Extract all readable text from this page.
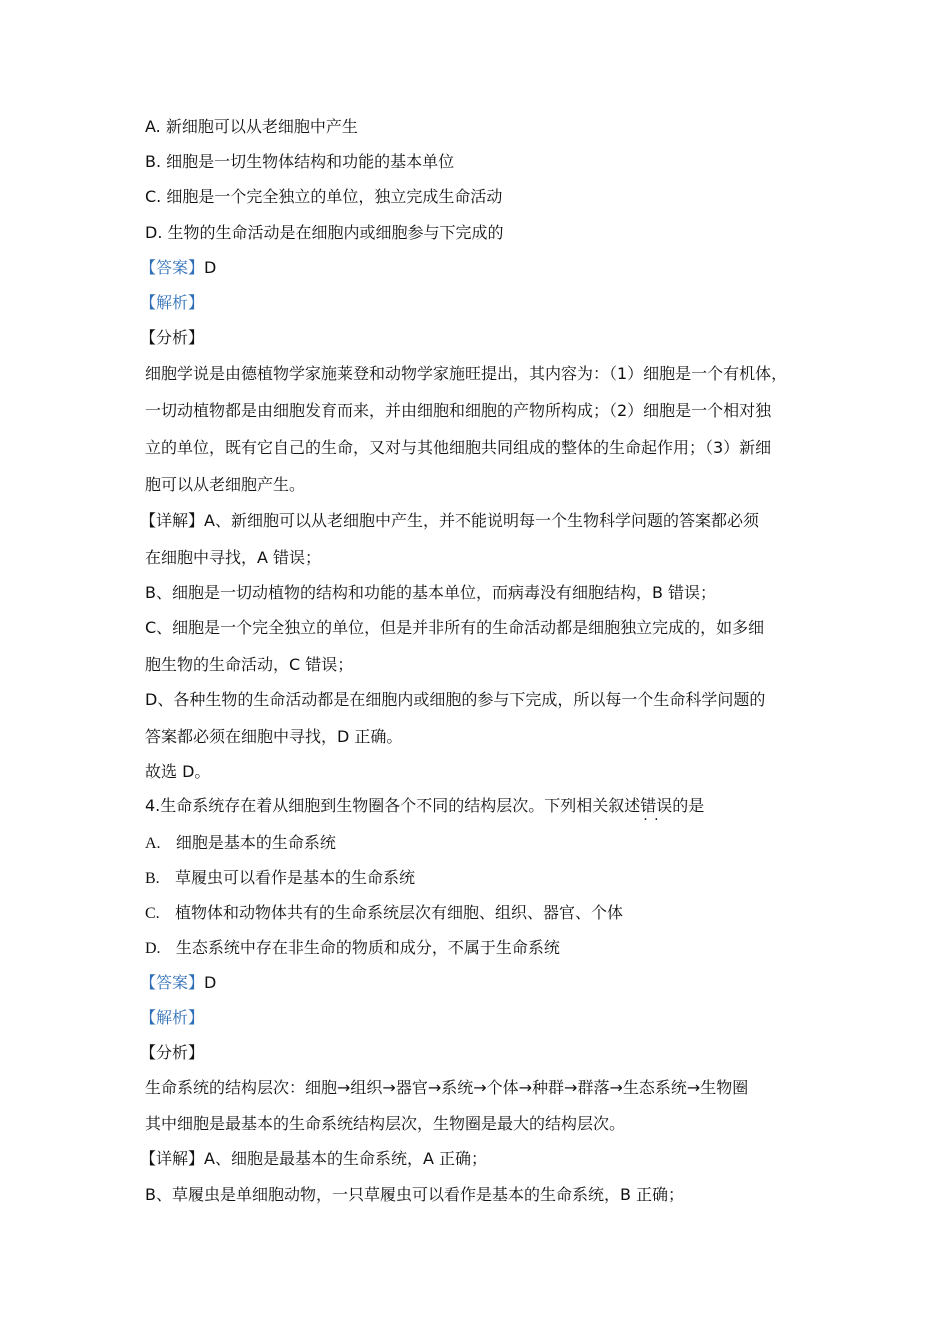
A. 新细胞可以从老细胞中产生
B. 细胞是一切生物体结构和功能的基本单位
C. 细胞是一个完全独立的单位，独立完成生命活动
D. 生物的生命活动是在细胞内或细胞参与下完成的
【答案】D
【解析】
【分析】
细胞学说是由德植物学家施莱登和动物学家施旺提出，其内容为：（1）细胞是一个有机体，
一切动植物都是由细胞发育而来，并由细胞和细胞的产物所构成；（2）细胞是一个相对独
立的单位，既有它自己的生命，又对与其他细胞共同组成的整体的生命起作用；（3）新细
胞可以从老细胞产生。
【详解】A、新细胞可以从老细胞中产生，并不能说明每一个生物科学问题的答案都必须
在细胞中寻找，A 错误；
B、细胞是一切动植物的结构和功能的基本单位，而病毒没有细胞结构，B 错误；
C、细胞是一个完全独立的单位，但是并非所有的生命活动都是细胞独立完成的，如多细
胞生物的生命活动，C 错误；
D、各种生物的生命活动都是在细胞内或细胞的参与下完成，所以每一个生命科学问题的
答案都必须在细胞中寻找，D 正确。
故选 D。
4.生命系统存在着从细胞到生物圈各个不同的结构层次。下列相关叙述错误 · ·的是
A. 细胞是基本的生命系统
B. 草履虫可以看作是基本的生命系统
C. 植物体和动物体共有的生命系统层次有细胞、组织、器官、个体
D. 生态系统中存在非生命的物质和成分，不属于生命系统
【答案】D
【解析】
【分析】
生命系统的结构层次：细胞→组织→器官→系统→个体→种群→群落→生态系统→生物圈
其中细胞是最基本的生命系统结构层次，生物圈是最大的结构层次。
【详解】A、细胞是最基本的生命系统，A 正确；
B、草履虫是单细胞动物，一只草履虫可以看作是基本的生命系统，B 正确；
